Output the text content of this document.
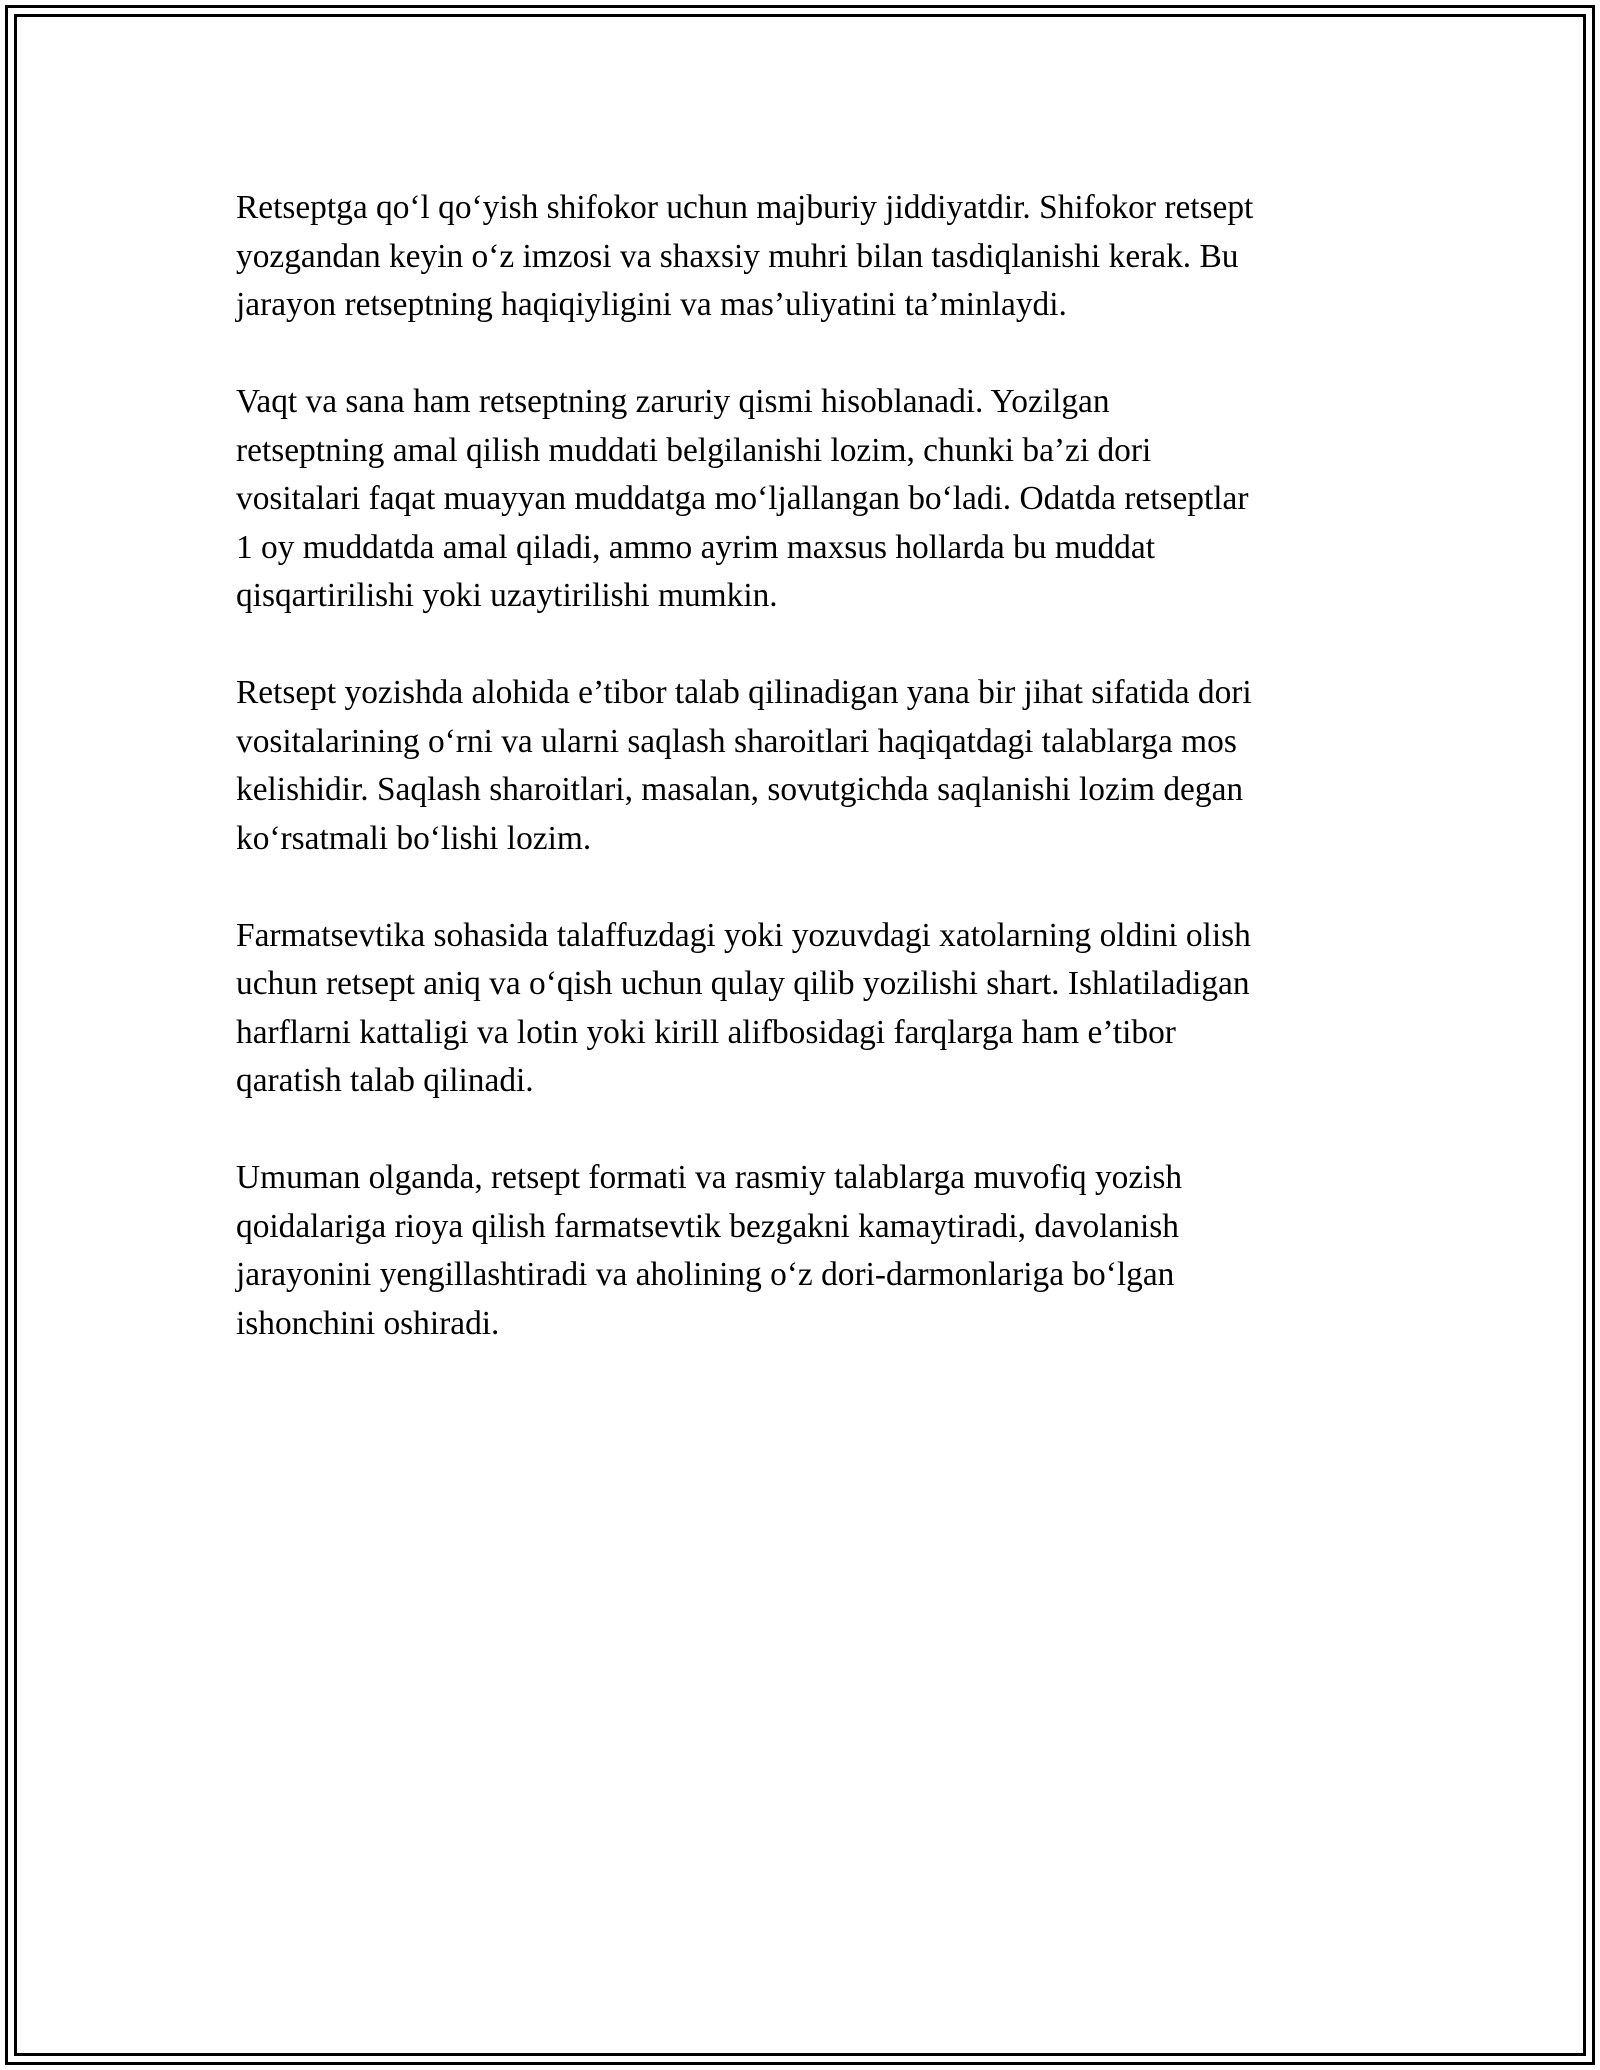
Retseptga qo‘l qo‘yish shifokor uchun majburiy jiddiyatdir. Shifokor retsept
yozgandan keyin o‘z imzosi va shaxsiy muhri bilan tasdiqlanishi kerak. Bu
jarayon retseptning haqiqiyligini va mas’uliyatini ta’minlaydi.

Vaqt va sana ham retseptning zaruriy qismi hisoblanadi. Yozilgan
retseptning amal qilish muddati belgilanishi lozim, chunki ba’zi dori
vositalari faqat muayyan muddatga mo‘ljallangan bo‘ladi. Odatda retseptlar
1 oy muddatda amal qiladi, ammo ayrim maxsus hollarda bu muddat
qisqartirilishi yoki uzaytirilishi mumkin.

Retsept yozishda alohida e’tibor talab qilinadigan yana bir jihat sifatida dori
vositalarining o‘rni va ularni saqlash sharoitlari haqiqatdagi talablarga mos
kelishidir. Saqlash sharoitlari, masalan, sovutgichda saqlanishi lozim degan
ko‘rsatmali bo‘lishi lozim.

Farmatsevtika sohasida talaffuzdagi yoki yozuvdagi xatolarning oldini olish
uchun retsept aniq va o‘qish uchun qulay qilib yozilishi shart. Ishlatiladigan
harflarni kattaligi va lotin yoki kirill alifbosidagi farqlarga ham e’tibor
qaratish talab qilinadi.

Umuman olganda, retsept formati va rasmiy talablarga muvofiq yozish
qoidalariga rioya qilish farmatsevtik bezgakni kamaytiradi, davolanish
jarayonini yengillashtiradi va aholining o‘z dori-darmonlariga bo‘lgan
ishonchini oshiradi.
